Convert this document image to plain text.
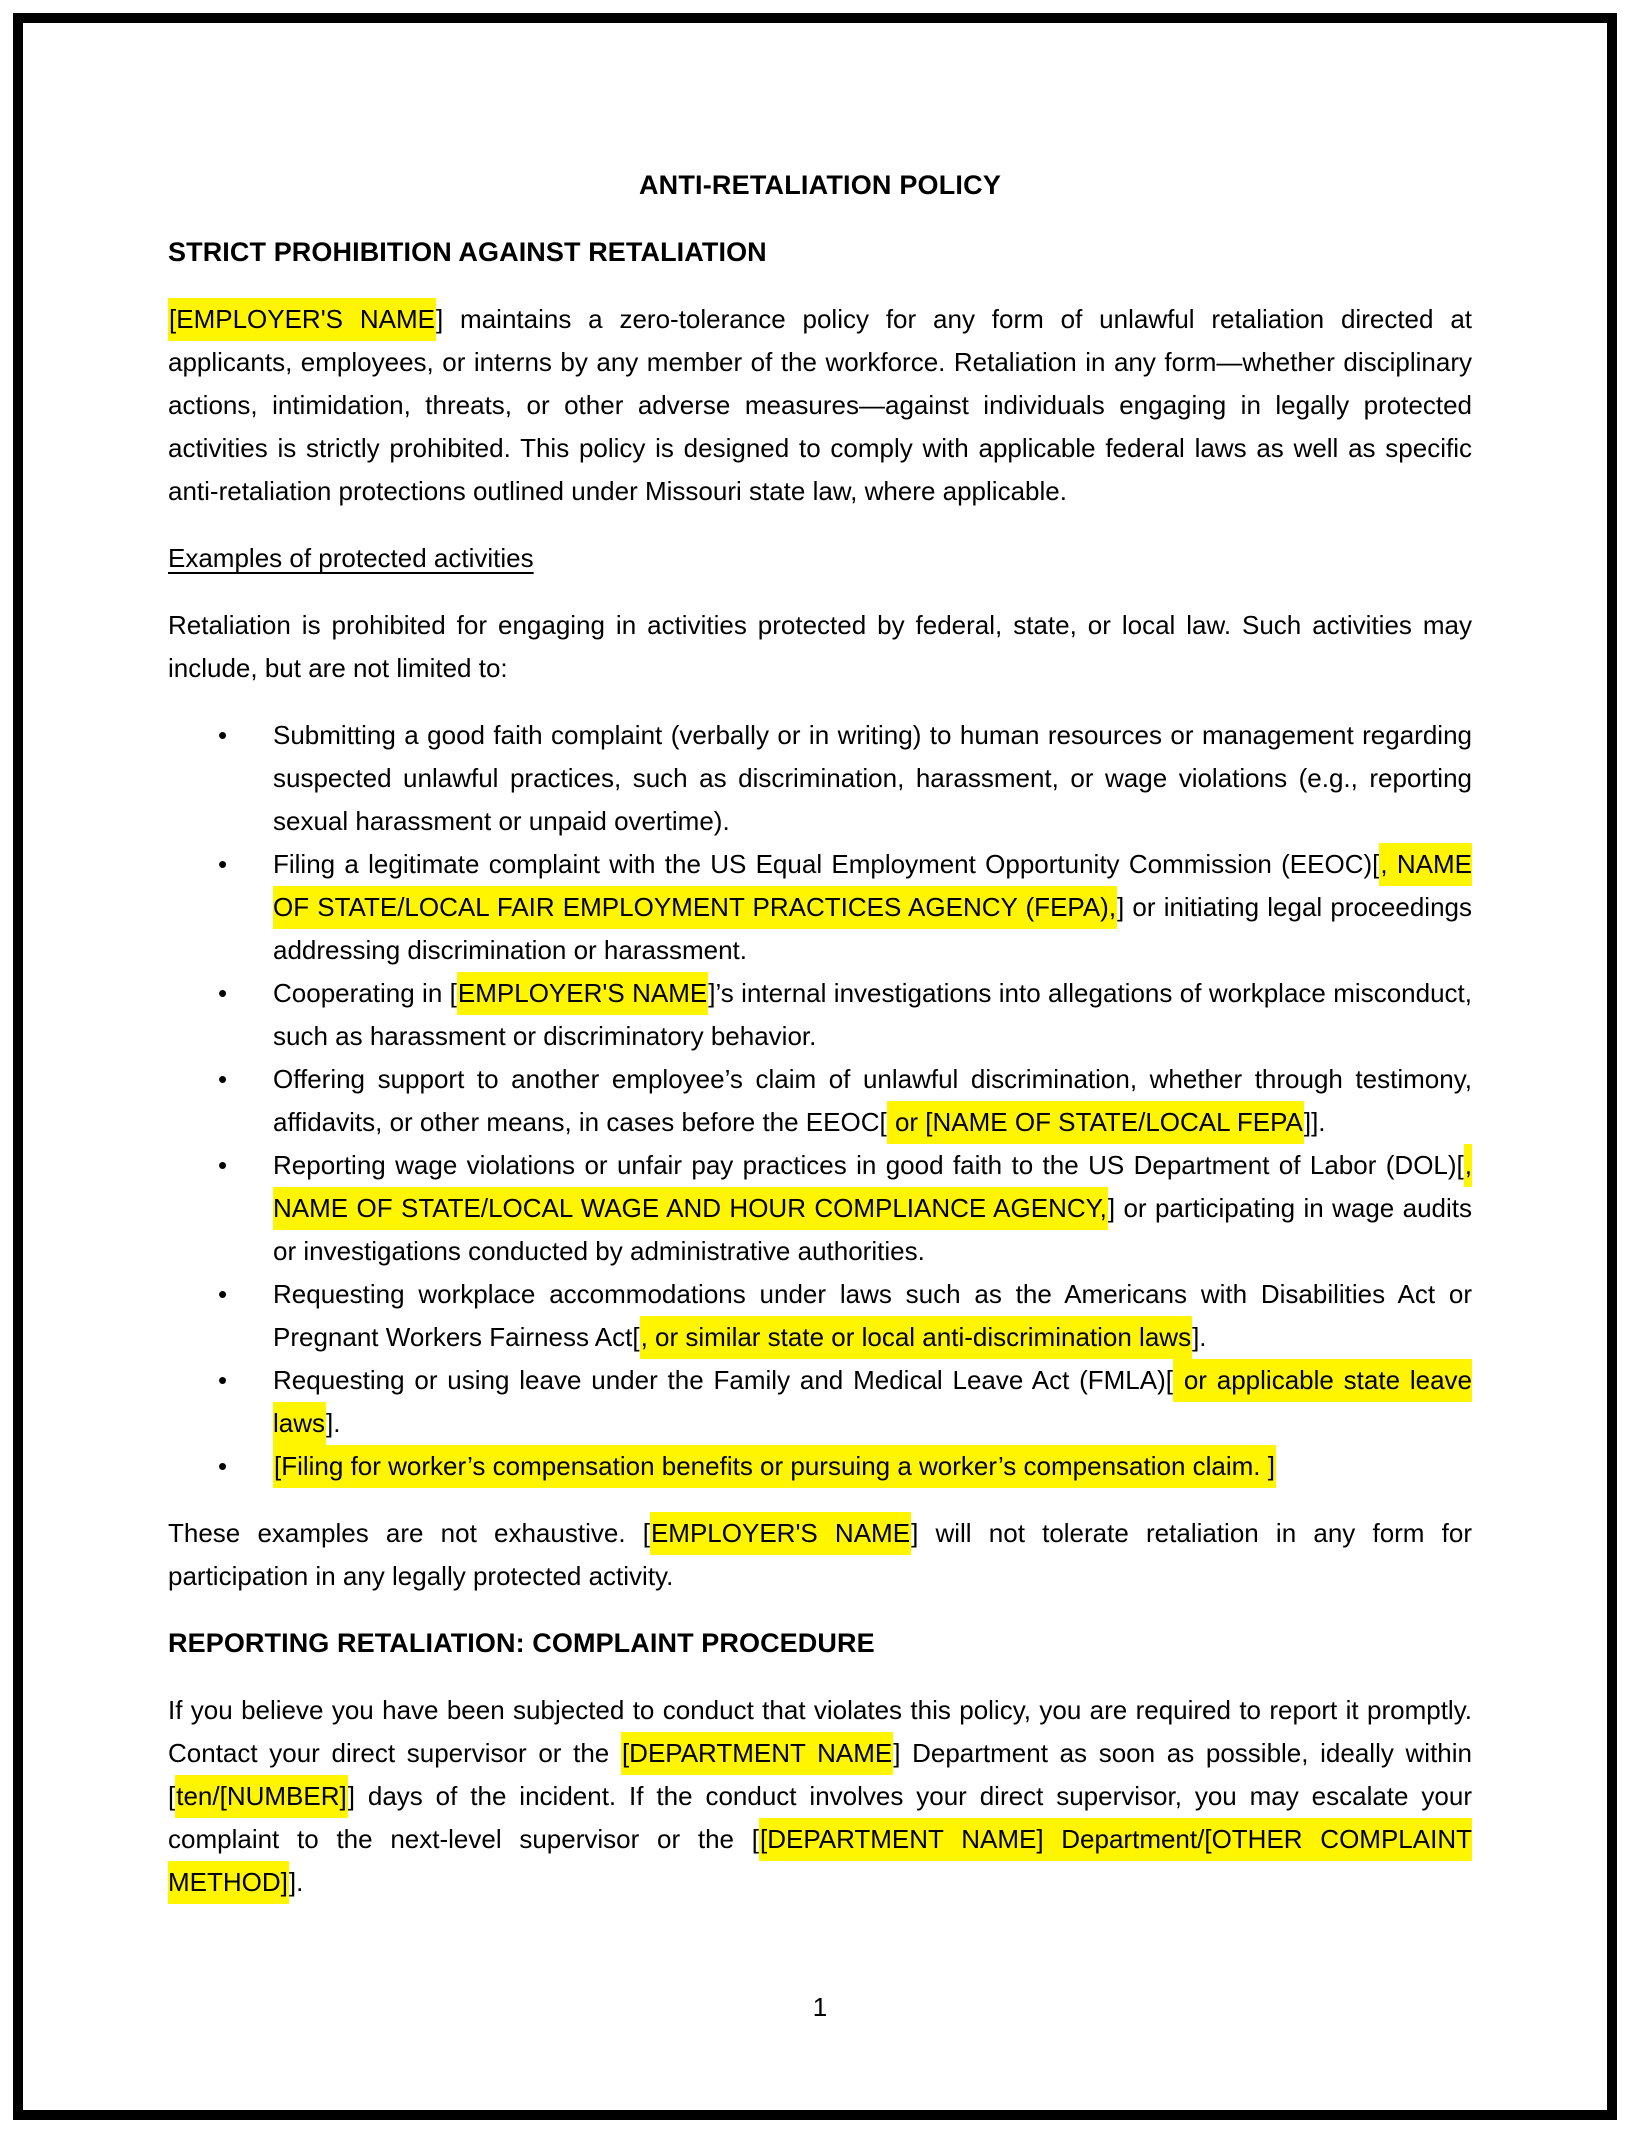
ANTI-RETALIATION POLICY
STRICT PROHIBITION AGAINST RETALIATION

[EMPLOYER'S NAME] maintains a zero-tolerance policy for any form of unlawful retaliation directed at applicants, employees, or interns by any member of the workforce. Retaliation in any form—whether disciplinary actions, intimidation, threats, or other adverse measures—against individuals engaging in legally protected activities is strictly prohibited. This policy is designed to comply with applicable federal laws as well as specific anti-retaliation protections outlined under Missouri state law, where applicable.

Examples of protected activities

Retaliation is prohibited for engaging in activities protected by federal, state, or local law. Such activities may include, but are not limited to:

• Submitting a good faith complaint (verbally or in writing) to human resources or management regarding suspected unlawful practices, such as discrimination, harassment, or wage violations (e.g., reporting sexual harassment or unpaid overtime).
• Filing a legitimate complaint with the US Equal Employment Opportunity Commission (EEOC)[, NAME OF STATE/LOCAL FAIR EMPLOYMENT PRACTICES AGENCY (FEPA),] or initiating legal proceedings addressing discrimination or harassment.
• Cooperating in [EMPLOYER'S NAME]’s internal investigations into allegations of workplace misconduct, such as harassment or discriminatory behavior.
• Offering support to another employee’s claim of unlawful discrimination, whether through testimony, affidavits, or other means, in cases before the EEOC[ or [NAME OF STATE/LOCAL FEPA]].
• Reporting wage violations or unfair pay practices in good faith to the US Department of Labor (DOL)[, NAME OF STATE/LOCAL WAGE AND HOUR COMPLIANCE AGENCY,] or participating in wage audits or investigations conducted by administrative authorities.
• Requesting workplace accommodations under laws such as the Americans with Disabilities Act or Pregnant Workers Fairness Act[, or similar state or local anti-discrimination laws].
• Requesting or using leave under the Family and Medical Leave Act (FMLA)[ or applicable state leave laws].
• [Filing for worker’s compensation benefits or pursuing a worker’s compensation claim. ]

These examples are not exhaustive. [EMPLOYER'S NAME] will not tolerate retaliation in any form for participation in any legally protected activity.

REPORTING RETALIATION: COMPLAINT PROCEDURE

If you believe you have been subjected to conduct that violates this policy, you are required to report it promptly. Contact your direct supervisor or the [DEPARTMENT NAME] Department as soon as possible, ideally within [ten/[NUMBER]] days of the incident. If the conduct involves your direct supervisor, you may escalate your complaint to the next-level supervisor or the [[DEPARTMENT NAME] Department/[OTHER COMPLAINT METHOD]].

1
